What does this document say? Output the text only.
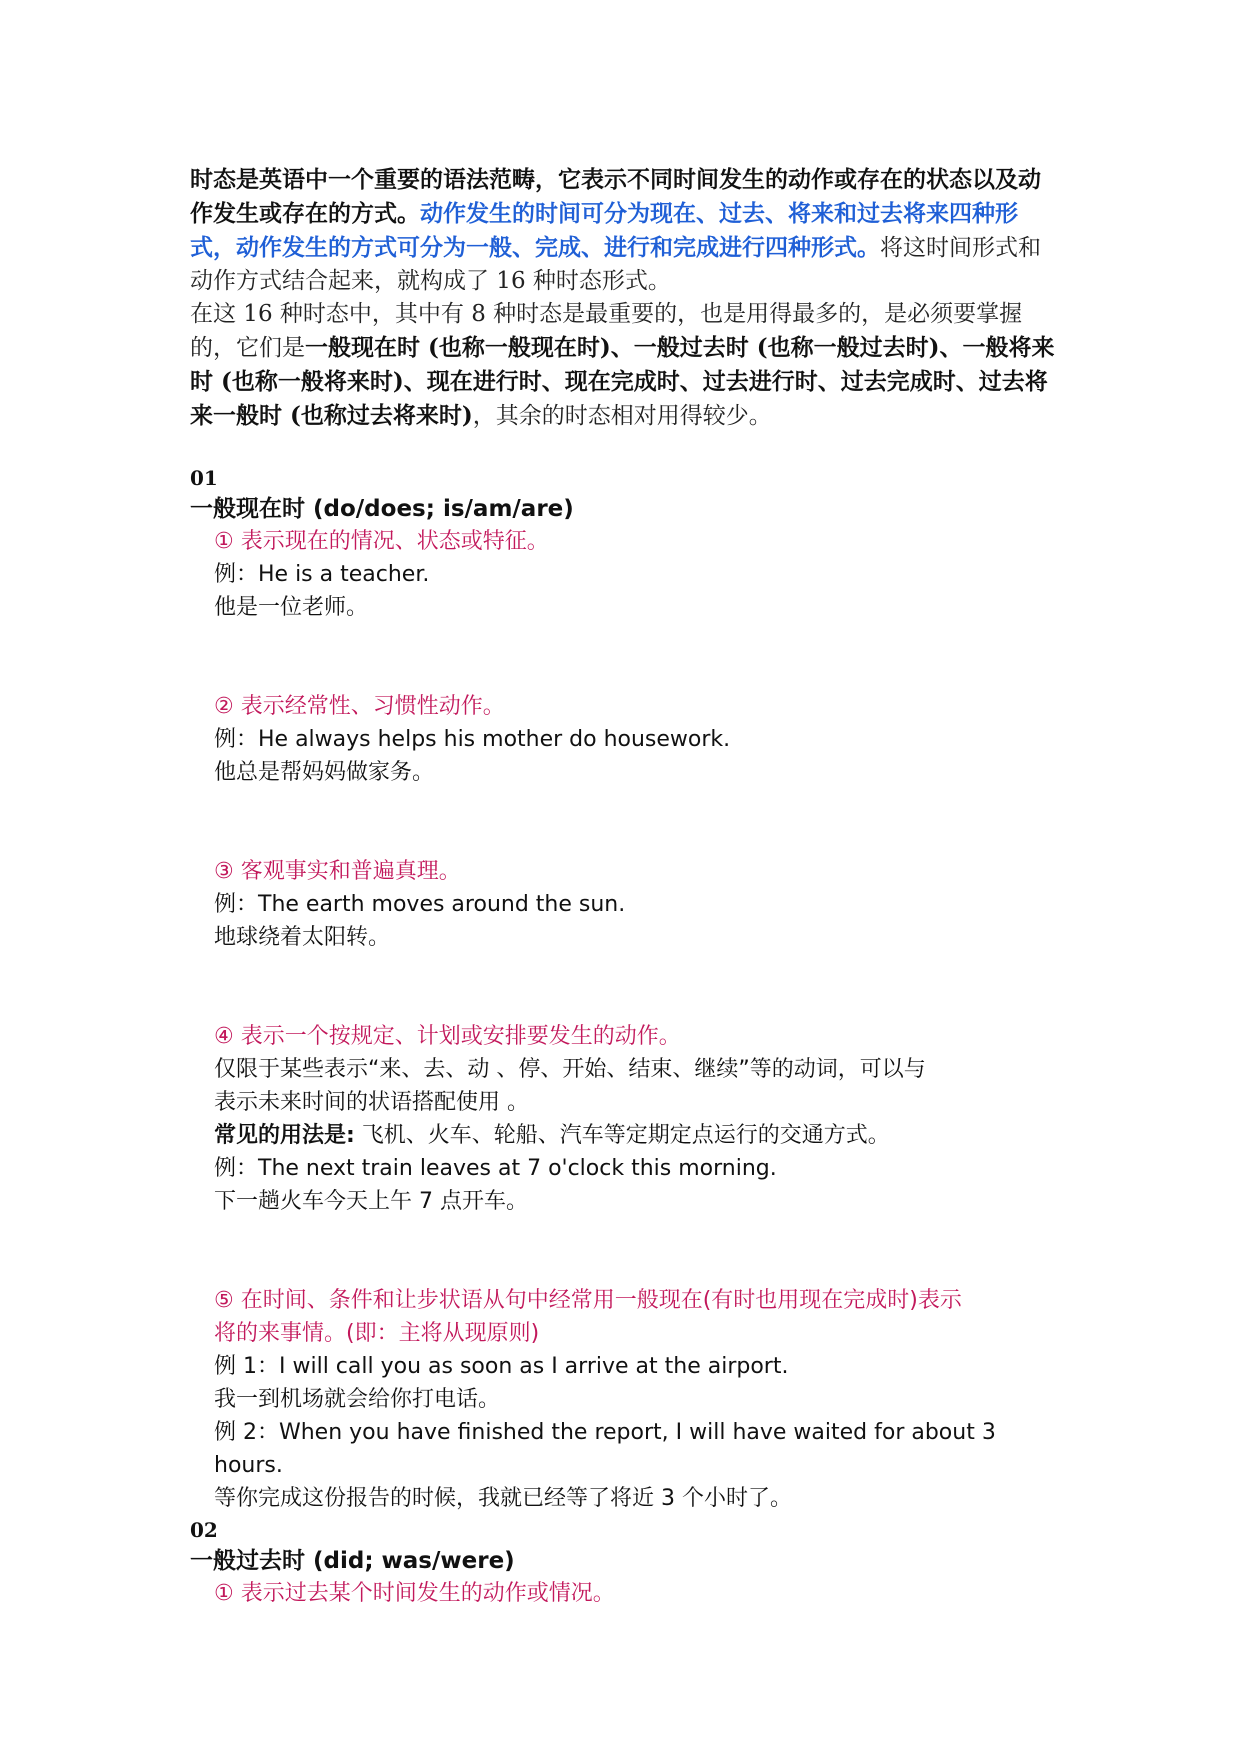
时态是英语中一个重要的语法范畴，它表示不同时间发生的动作或存在的状态以及动作发生或存在的方式。动作发生的时间可分为现在、过去、将来和过去将来四种形式，动作发生的方式可分为一般、完成、进行和完成进行四种形式。将这时间形式和动作方式结合起来，就构成了 16 种时态形式。

在这 16 种时态中，其中有 8 种时态是最重要的，也是用得最多的，是必须要掌握的，它们是一般现在时 (也称一般现在时)、一般过去时 (也称一般过去时)、一般将来时 (也称一般将来时)、现在进行时、现在完成时、过去进行时、过去完成时、过去将来一般时 (也称过去将来时)，其余的时态相对用得较少。

01
一般现在时 (do/does; is/am/are)
① 表示现在的情况、状态或特征。
例：He is a teacher.
他是一位老师。
② 表示经常性、习惯性动作。
例：He always helps his mother do housework.
他总是帮妈妈做家务。
③ 客观事实和普遍真理。
例：The earth moves around the sun.
地球绕着太阳转。
④ 表示一个按规定、计划或安排要发生的动作。
仅限于某些表示“来、去、动 、停、开始、结束、继续”等的动词，可以与
表示未来时间的状语搭配使用 。
常见的用法是: 飞机、火车、轮船、汽车等定期定点运行的交通方式。
例：The next train leaves at 7 o'clock this morning.
下一趟火车今天上午 7 点开车。
⑤ 在时间、条件和让步状语从句中经常用一般现在(有时也用现在完成时)表示
将的来事情。(即：主将从现原则)
例 1：I will call you as soon as I arrive at the airport.
我一到机场就会给你打电话。
例 2：When you have finished the report, I will have waited for about 3
hours.
等你完成这份报告的时候，我就已经等了将近 3 个小时了。
02
一般过去时 (did; was/were)
① 表示过去某个时间发生的动作或情况。
